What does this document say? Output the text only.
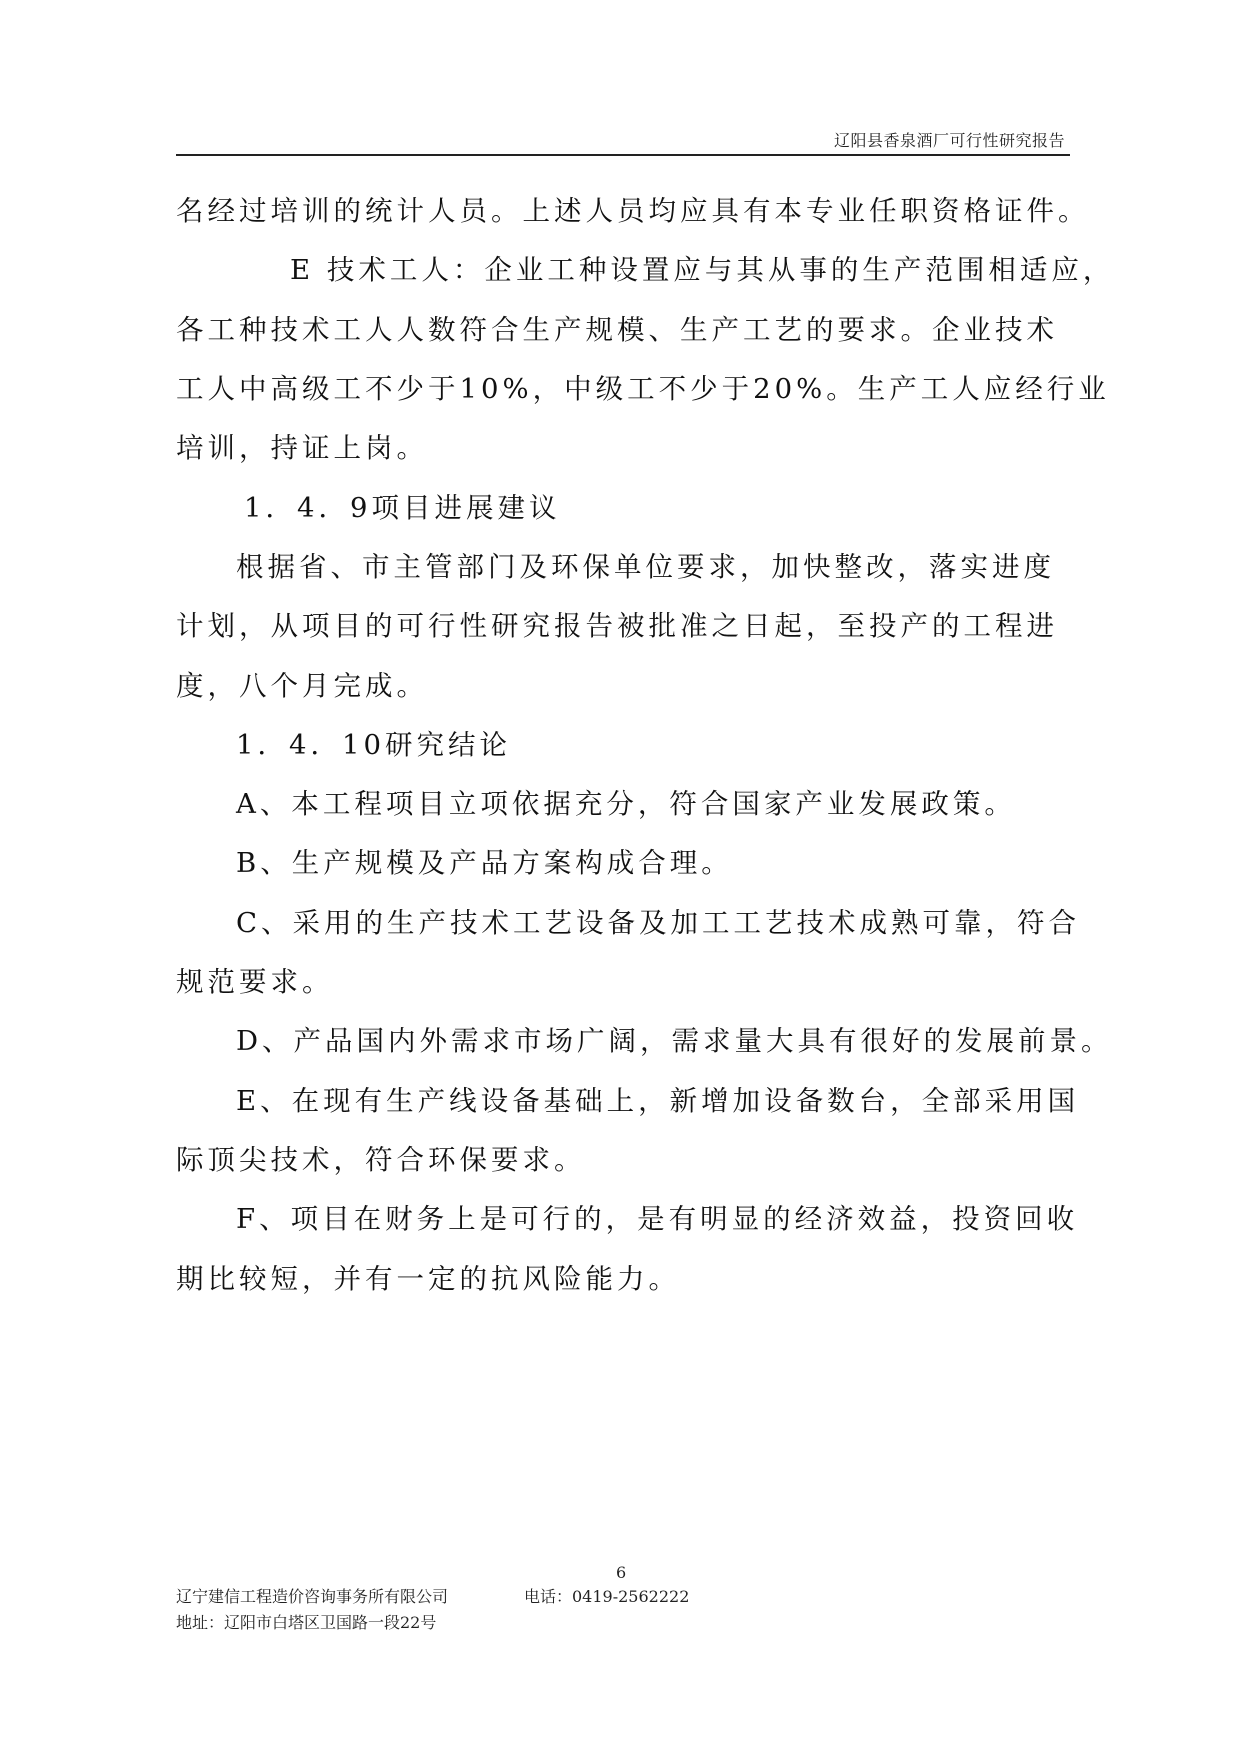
辽阳县香泉酒厂可行性研究报告
名经过培训的统计人员。上述人员均应具有本专业任职资格证件。
E 技术工人：企业工种设置应与其从事的生产范围相适应，
各工种技术工人人数符合生产规模、生产工艺的要求。企业技术
工人中高级工不少于10%，中级工不少于20%。生产工人应经行业
培训，持证上岗。
1．4．9项目进展建议
根据省、市主管部门及环保单位要求，加快整改，落实进度
计划，从项目的可行性研究报告被批准之日起，至投产的工程进
度，八个月完成。
1．4．10研究结论
A、本工程项目立项依据充分，符合国家产业发展政策。
B、生产规模及产品方案构成合理。
C、采用的生产技术工艺设备及加工工艺技术成熟可靠，符合
规范要求。
D、产品国内外需求市场广阔，需求量大具有很好的发展前景。
E、在现有生产线设备基础上，新增加设备数台，全部采用国
际顶尖技术，符合环保要求。
F、项目在财务上是可行的，是有明显的经济效益，投资回收
期比较短，并有一定的抗风险能力。
6
辽宁建信工程造价咨询事务所有限公司	电话：0419-2562222
地址：辽阳市白塔区卫国路一段22号
